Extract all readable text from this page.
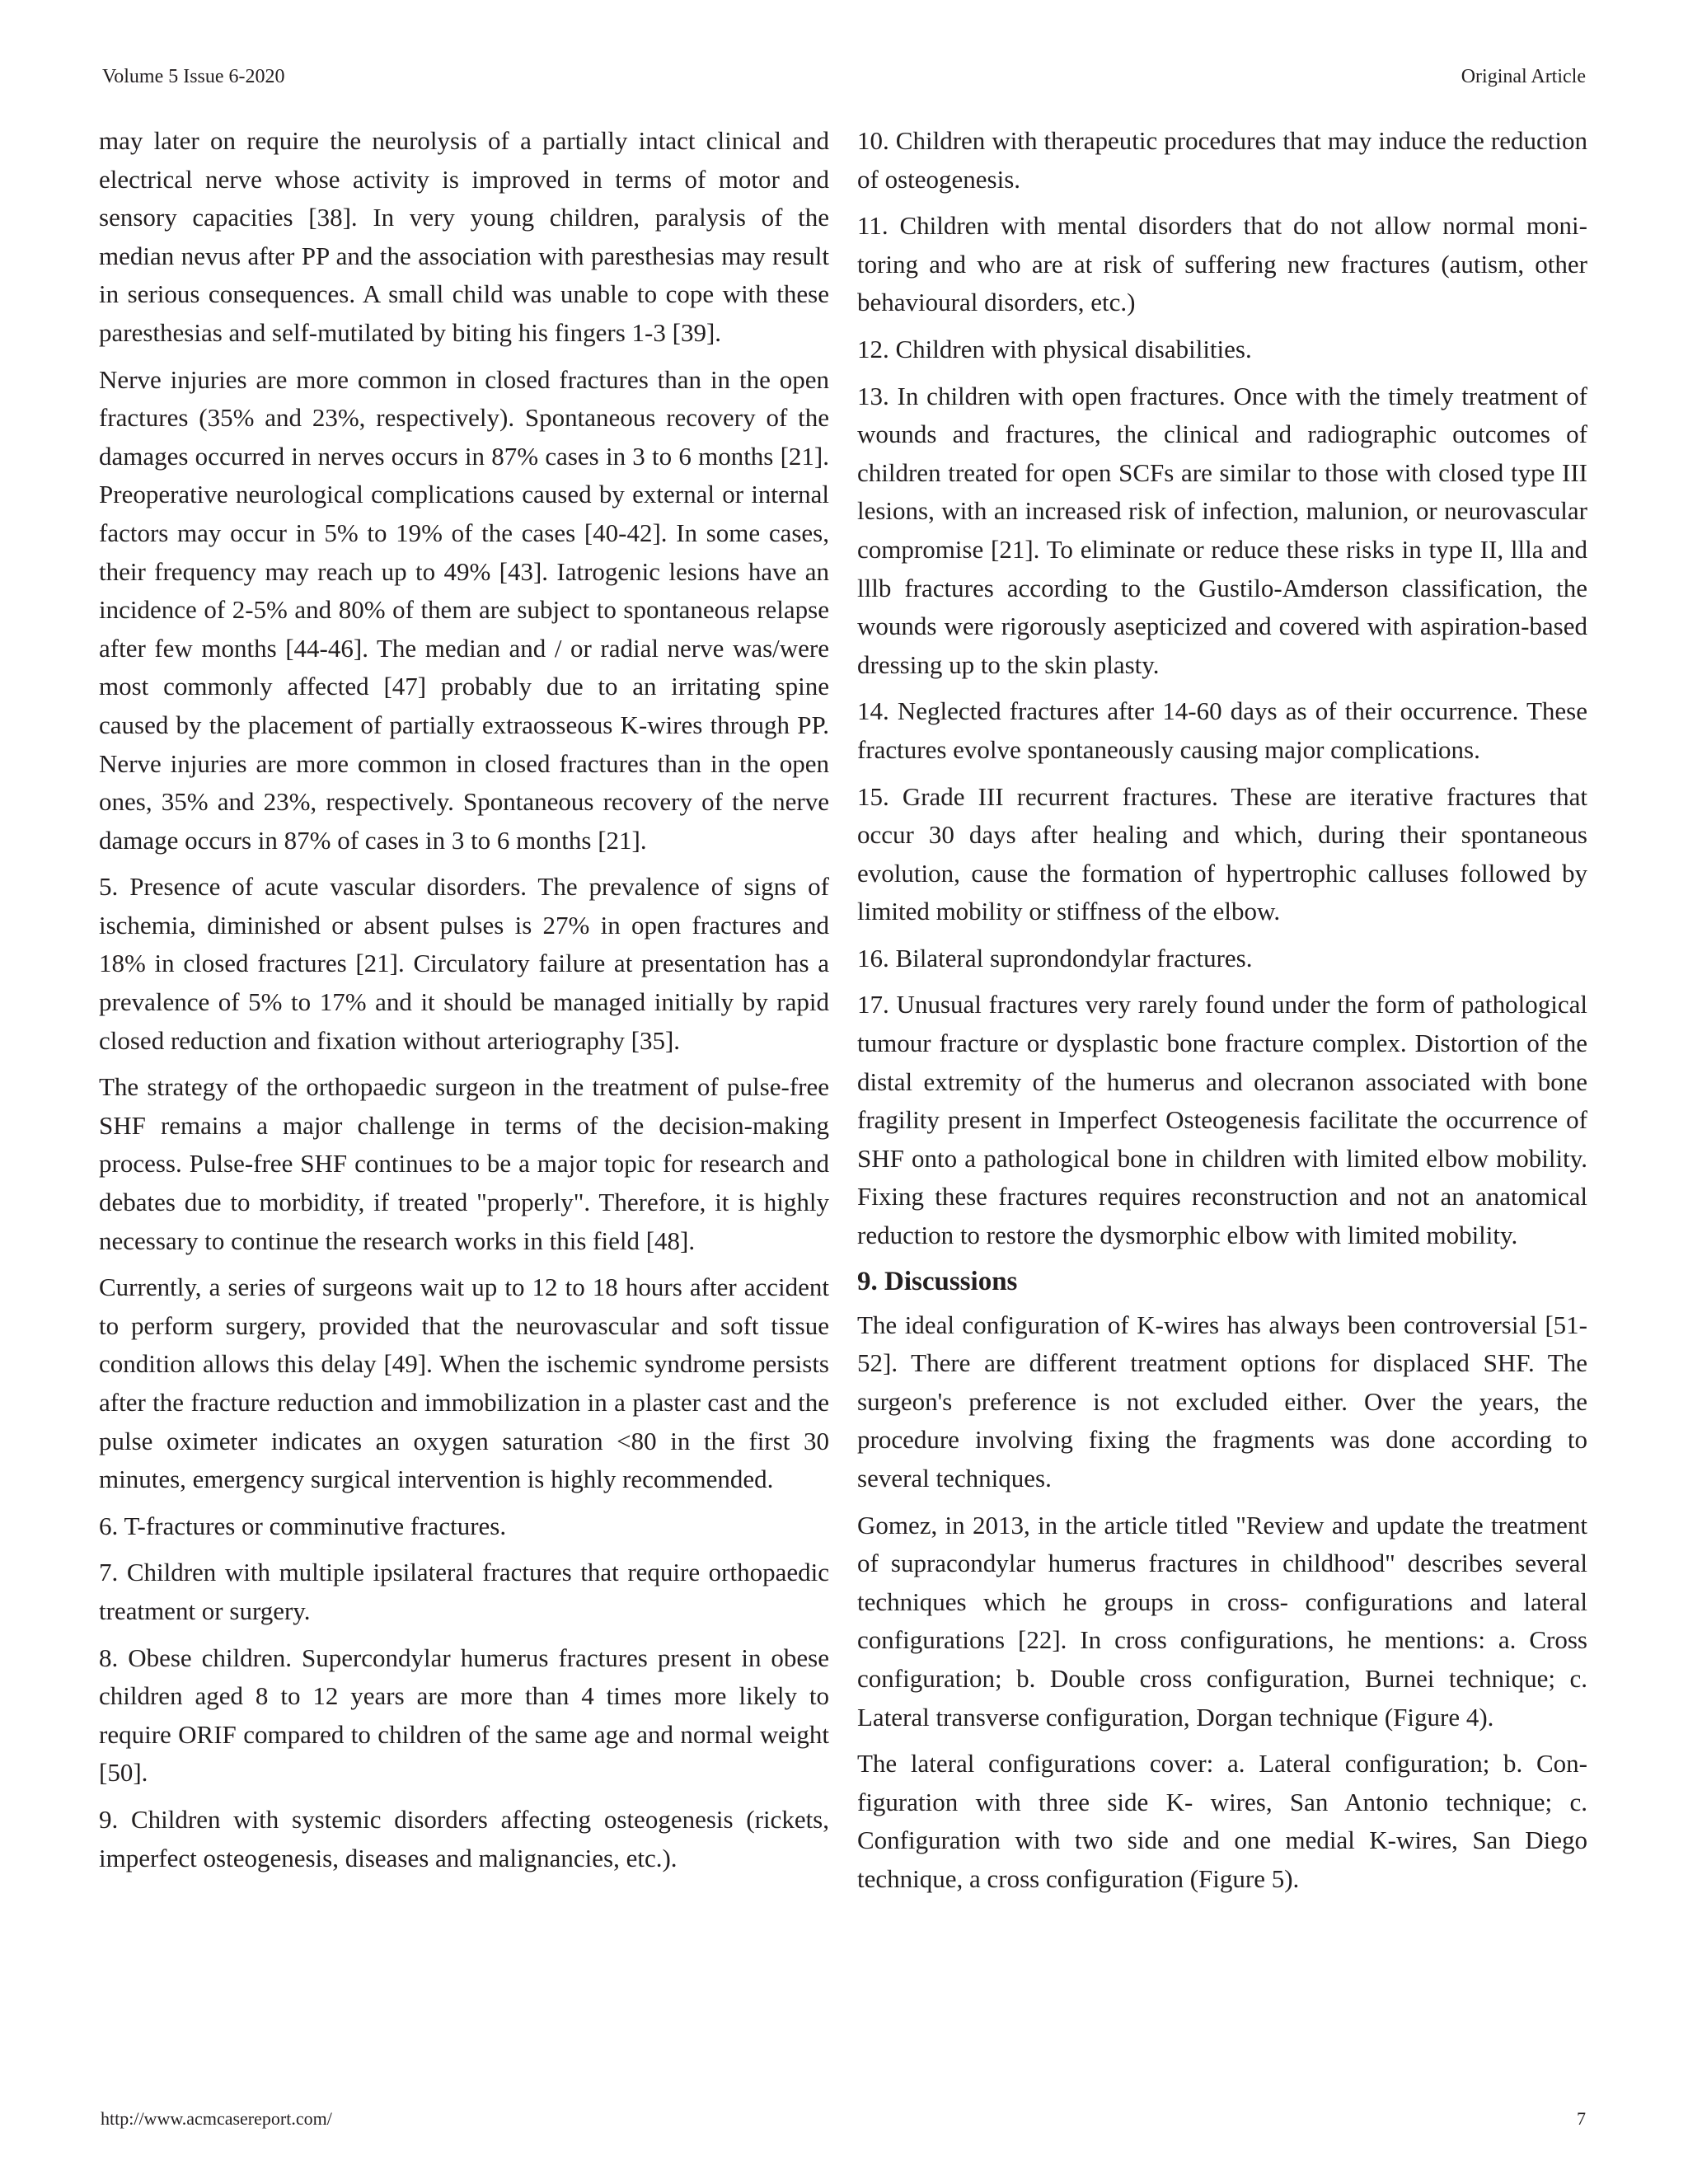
Volume 5 Issue 6-2020	Original Article

may later on require the neurolysis of a partially intact clinical and electrical nerve whose activity is improved in terms of motor and sensory capacities [38]. In very young children, paralysis of the median nevus after PP and the association with paresthesias may result in serious consequences. A small child was unable to cope with these paresthesias and self-mutilated by biting his fingers 1-3 [39].

Nerve injuries are more common in closed fractures than in the open fractures (35% and 23%, respectively). Spontaneous recovery of the damages occurred in nerves occurs in 87% cases in 3 to 6 months [21]. Preoperative neurological complications caused by external or internal factors may occur in 5% to 19% of the cases [40-42]. In some cases, their frequency may reach up to 49% [43]. Iatrogenic lesions have an incidence of 2-5% and 80% of them are subject to spontaneous relapse after few months [44-46]. The median and / or radial nerve was/were most commonly affected [47] probably due to an irritating spine caused by the placement of partially extraosseous K-wires through PP. Nerve injuries are more common in closed fractures than in the open ones, 35% and 23%, respectively. Spontaneous recovery of the nerve damage occurs in 87% of cases in 3 to 6 months [21].

5. Presence of acute vascular disorders. The prevalence of signs of ischemia, diminished or absent pulses is 27% in open fractures and 18% in closed fractures [21]. Circulatory failure at presentation has a prevalence of 5% to 17% and it should be managed initially by rapid closed reduction and fixation without arteriography [35].

The strategy of the orthopaedic surgeon in the treatment of pulse-free SHF remains a major challenge in terms of the decision-making process. Pulse-free SHF continues to be a major topic for research and debates due to morbidity, if treated "properly". Therefore, it is highly necessary to continue the research works in this field [48].

Currently, a series of surgeons wait up to 12 to 18 hours after accident to perform surgery, provided that the neurovascular and soft tissue condition allows this delay [49]. When the ischemic syndrome persists after the fracture reduction and immobilization in a plaster cast and the pulse oximeter indicates an oxygen saturation <80 in the first 30 minutes, emergency surgical intervention is highly recommended.

6. T-fractures or comminutive fractures.

7. Children with multiple ipsilateral fractures that require orthopaedic treatment or surgery.

8. Obese children. Supercondylar humerus fractures present in obese children aged 8 to 12 years are more than 4 times more likely to require ORIF compared to children of the same age and normal weight [50].

9. Children with systemic disorders affecting osteogenesis (rickets, imperfect osteogenesis, diseases and malignancies, etc.).

10. Children with therapeutic procedures that may induce the reduction of osteogenesis.

11. Children with mental disorders that do not allow normal monitoring and who are at risk of suffering new fractures (autism, other behavioural disorders, etc.)

12. Children with physical disabilities.

13. In children with open fractures. Once with the timely treatment of wounds and fractures, the clinical and radiographic outcomes of children treated for open SCFs are similar to those with closed type III lesions, with an increased risk of infection, malunion, or neurovascular compromise [21]. To eliminate or reduce these risks in type II, llla and lllb fractures according to the Gustilo-Amderson classification, the wounds were rigorously asepticized and covered with aspiration-based dressing up to the skin plasty.

14. Neglected fractures after 14-60 days as of their occurrence. These fractures evolve spontaneously causing major complications.

15. Grade III recurrent fractures. These are iterative fractures that occur 30 days after healing and which, during their spontaneous evolution, cause the formation of hypertrophic calluses followed by limited mobility or stiffness of the elbow.

16. Bilateral suprondondylar fractures.

17. Unusual fractures very rarely found under the form of pathological tumour fracture or dysplastic bone fracture complex. Distortion of the distal extremity of the humerus and olecranon associated with bone fragility present in Imperfect Osteogenesis facilitate the occurrence of SHF onto a pathological bone in children with limited elbow mobility. Fixing these fractures requires reconstruction and not an anatomical reduction to restore the dysmorphic elbow with limited mobility.

9. Discussions

The ideal configuration of K-wires has always been controversial [51-52]. There are different treatment options for displaced SHF. The surgeon's preference is not excluded either. Over the years, the procedure involving fixing the fragments was done according to several techniques.

Gomez, in 2013, in the article titled "Review and update the treatment of supracondylar humerus fractures in childhood" describes several techniques which he groups in cross- configurations and lateral configurations [22]. In cross configurations, he mentions: a. Cross configuration; b. Double cross configuration, Burnei technique; c. Lateral transverse configuration, Dorgan technique (Figure 4).

The lateral configurations cover: a. Lateral configuration; b. Configuration with three side K- wires, San Antonio technique; c. Configuration with two side and one medial K-wires, San Diego technique, a cross configuration (Figure 5).

http://www.acmcasereport.com/	7
